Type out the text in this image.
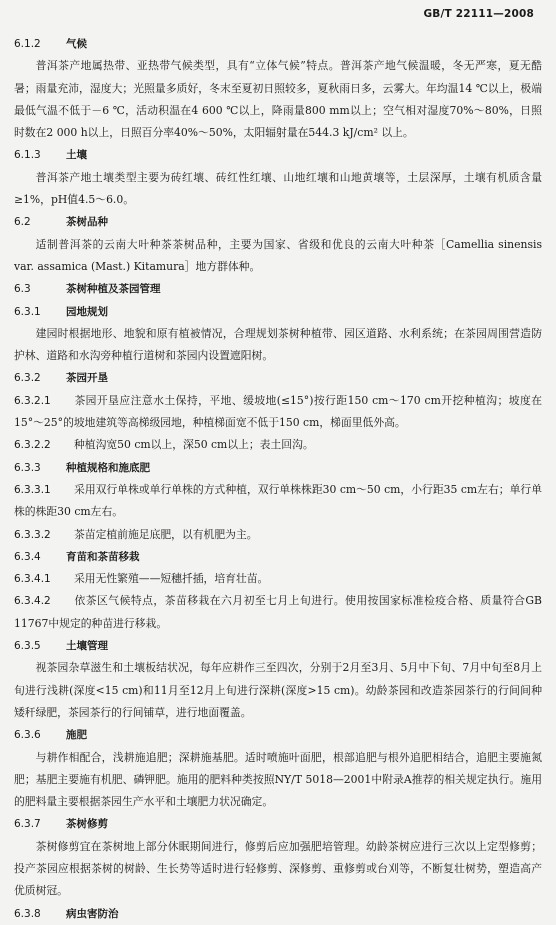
GB/T 22111—2008
6.1.2	气候

普洱茶产地属热带、亚热带气候类型，具有“立体气候”特点。普洱茶产地气候温暖，冬无严寒，夏无酷暑；雨量充沛，湿度大；光照量多质好，冬末至夏初日照较多，夏秋雨日多，云雾大。年均温14 ℃以上，极端最低气温不低于－6 ℃，活动积温在4 600 ℃以上，降雨量800 mm以上；空气相对湿度70%～80%，日照时数在2 000 h以上，日照百分率40%～50%，太阳辐射量在544.3 kJ/cm² 以上。

6.1.3	土壤

普洱茶产地土壤类型主要为砖红壤、砖红性红壤、山地红壤和山地黄壤等，土层深厚，土壤有机质含量≥1%，pH值4.5～6.0。

6.2	茶树品种

适制普洱茶的云南大叶种茶茶树品种，主要为国家、省级和优良的云南大叶种茶［Camellia sinensis var. assamica (Mast.) Kitamura］地方群体种。

6.3	茶树种植及茶园管理
6.3.1	园地规划

建园时根据地形、地貌和原有植被情况，合理规划茶树种植带、园区道路、水利系统；在茶园周围营造防护林、道路和水沟旁种植行道树和茶园内设置遮阳树。

6.3.2	茶园开垦

6.3.2.1 茶园开垦应注意水土保持，平地、缓坡地(≤15°)按行距150 cm～170 cm开挖种植沟；坡度在15°～25°的坡地建筑等高梯级园地，种植梯面宽不低于150 cm，梯面里低外高。

6.3.2.2 种植沟宽50 cm以上，深50 cm以上；表土回沟。

6.3.3	种植规格和施底肥

6.3.3.1 采用双行单株或单行单株的方式种植，双行单株株距30 cm～50 cm，小行距35 cm左右；单行单株的株距30 cm左右。

6.3.3.2 茶苗定植前施足底肥，以有机肥为主。

6.3.4	育苗和茶苗移栽

6.3.4.1 采用无性繁殖——短穗扦插，培育壮苗。

6.3.4.2 依茶区气候特点，茶苗移栽在六月初至七月上旬进行。使用按国家标准检疫合格、质量符合GB 11767中规定的种苗进行移栽。

6.3.5	土壤管理

视茶园杂草滋生和土壤板结状况，每年应耕作三至四次，分别于2月至3月、5月中下旬、7月中旬至8月上旬进行浅耕(深度<15 cm)和11月至12月上旬进行深耕(深度>15 cm)。幼龄茶园和改造茶园茶行的行间间种矮秆绿肥，茶园茶行的行间铺草，进行地面覆盖。

6.3.6	施肥

与耕作相配合，浅耕施追肥；深耕施基肥。适时喷施叶面肥，根部追肥与根外追肥相结合，追肥主要施氮肥；基肥主要施有机肥、磷钾肥。施用的肥料种类按照NY/T 5018—2001中附录A推荐的相关规定执行。施用的肥料量主要根据茶园生产水平和土壤肥力状况确定。

6.3.7	茶树修剪

茶树修剪宜在茶树地上部分休眠期间进行，修剪后应加强肥培管理。幼龄茶树应进行三次以上定型修剪；投产茶园应根据茶树的树龄、生长势等适时进行轻修剪、深修剪、重修剪或台刈等，不断复壮树势，塑造高产优质树冠。

6.3.8	病虫害防治
